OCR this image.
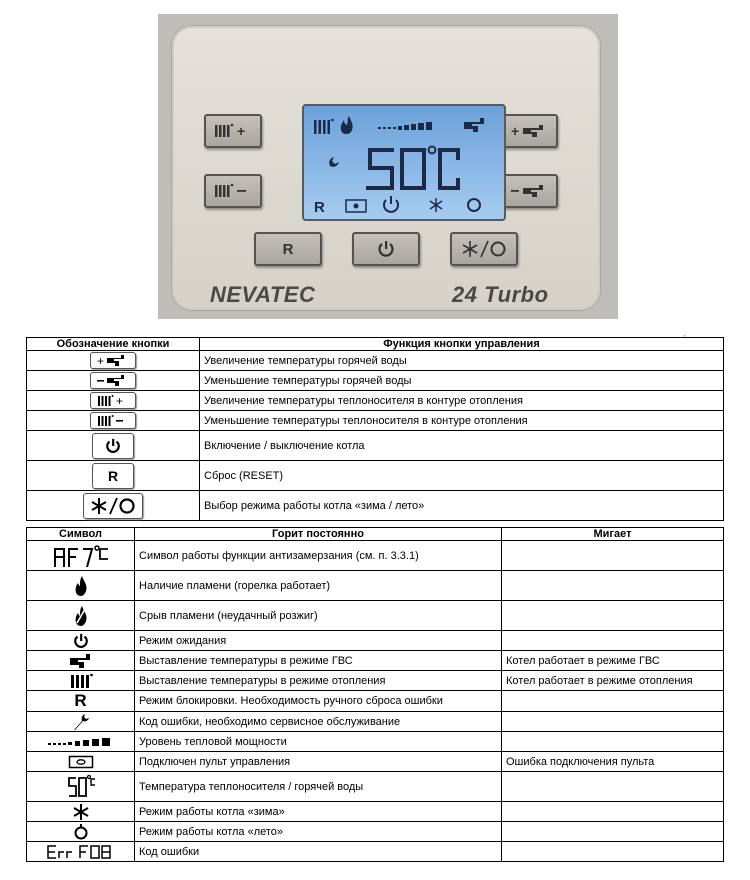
+	+
R
R
NEVATEC	24 Turbo
'
Обозначение кнопки	Функция кнопки управления

+	Увеличение температуры горячей воды

	Уменьшение температуры горячей воды

+	Увеличение температуры теплоносителя в контуре отопления

	Уменьшение температуры теплоносителя в контуре отопления

	Включение / выключение котла
R	Сброс (RESET)

	Выбор режима работы котла «зима / лето»
Символ	Горит постоянно	Мигает

	Символ работы функции антизамерзания (см. п. 3.3.1)	

	Наличие пламени (горелка работает)	

	Срыв пламени (неудачный розжиг)	

	Режим ожидания	

	Выставление температуры в режиме ГВС	Котел работает в режиме ГВС

	Выставление температуры в режиме отопления	Котел работает в режиме отопления
R	Режим блокировки. Необходимость ручного сброса ошибки	

	Код ошибки, необходимо сервисное обслуживание	

	Уровень тепловой мощности	

	Подключен пульт управления	Ошибка подключения пульта

	Температура теплоносителя / горячей воды	

	Режим работы котла «зима»	

	Режим работы котла «лето»	

	Код ошибки	
